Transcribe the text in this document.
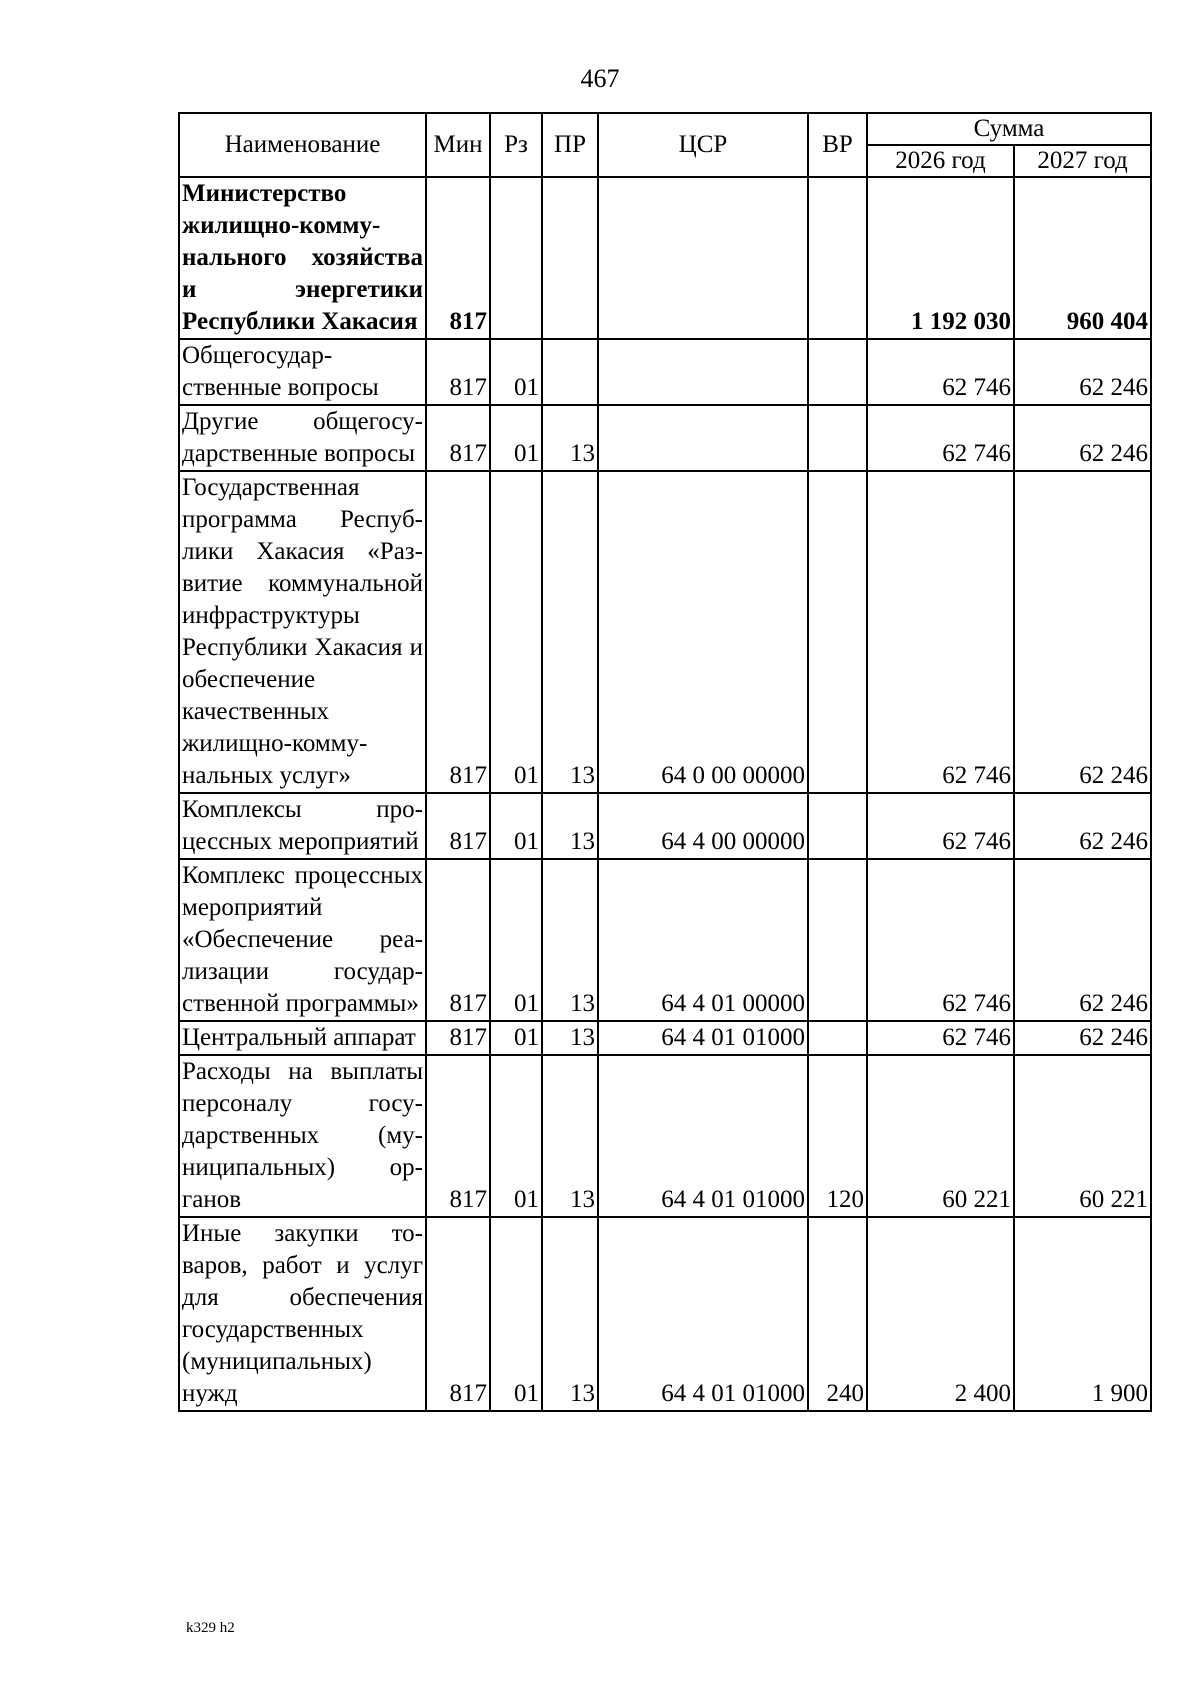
467
Наименование	Мин	Рз	ПР	ЦСР	ВР	Сумма	
						2026 год	2027 год
Министерство жилищно-коммунального хозяйства и энергетики Республики Хакасия	817					1 192 030	960 404
Общегосударственные вопросы	817	01				62 746	62 246
Другие общегосударственные вопросы	817	01	13			62 746	62 246
Государственная программа Республики Хакасия «Развитие коммунальной инфраструктуры Республики Хакасия и обеспечение качественных жилищно-коммунальных услуг»	817	01	13	64 0 00 00000		62 746	62 246
Комплексы процессных мероприятий	817	01	13	64 4 00 00000		62 746	62 246
Комплекс процессных мероприятий «Обеспечение реализации государственной программы»	817	01	13	64 4 01 00000		62 746	62 246
Центральный аппарат	817	01	13	64 4 01 01000		62 746	62 246
Расходы на выплаты персоналу государственных (муниципальных) органов	817	01	13	64 4 01 01000	120	60 221	60 221
Иные закупки товаров, работ и услуг для обеспечения государственных (муниципальных) нужд	817	01	13	64 4 01 01000	240	2 400	1 900
k329 h2
